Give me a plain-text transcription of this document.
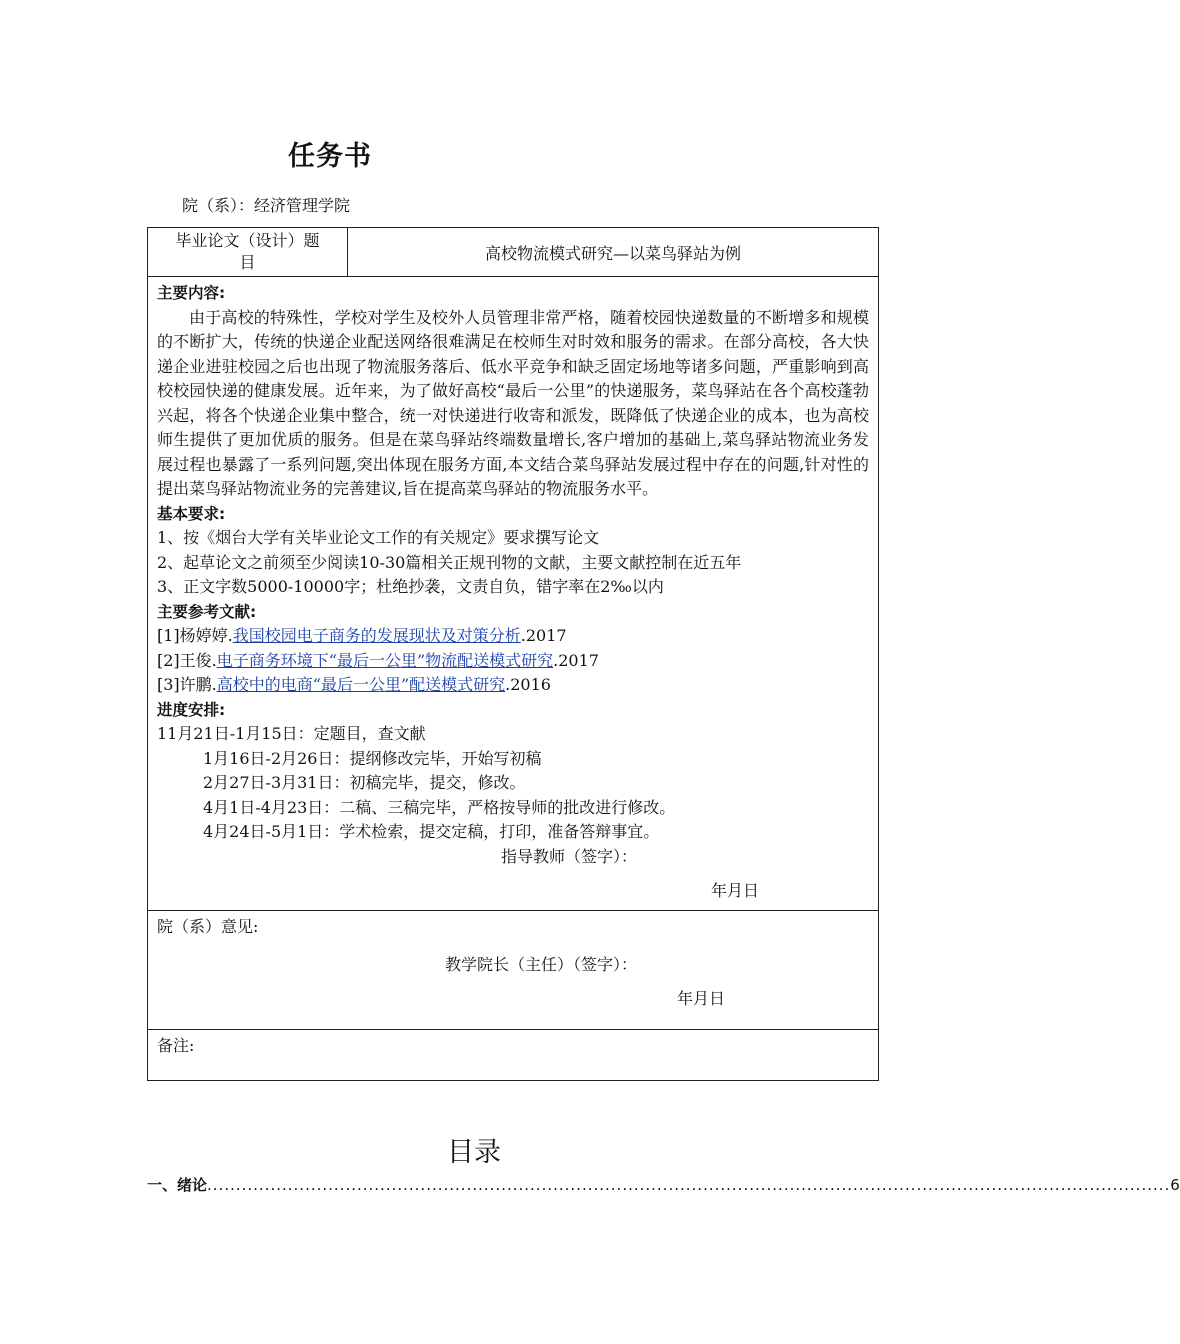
任务书
院（系）：经济管理学院
毕业论文（设计）题目	高校物流模式研究—以菜鸟驿站为例

主要内容:
由于高校的特殊性，学校对学生及校外人员管理非常严格，随着校园快递数量的不断增多和规模的不断扩大，传统的快递企业配送网络很难满足在校师生对时效和服务的需求。在部分高校，各大快递企业进驻校园之后也出现了物流服务落后、低水平竞争和缺乏固定场地等诸多问题，严重影响到高校校园快递的健康发展。近年来，为了做好高校“最后一公里”的快递服务，菜鸟驿站在各个高校蓬勃兴起，将各个快递企业集中整合，统一对快递进行收寄和派发，既降低了快递企业的成本，也为高校师生提供了更加优质的服务。但是在菜鸟驿站终端数量增长,客户增加的基础上,菜鸟驿站物流业务发展过程也暴露了一系列问题,突出体现在服务方面,本文结合菜鸟驿站发展过程中存在的问题,针对性的提出菜鸟驿站物流业务的完善建议,旨在提高菜鸟驿站的物流服务水平。
基本要求:
1、按《烟台大学有关毕业论文工作的有关规定》要求撰写论文
2、起草论文之前须至少阅读10-30篇相关正规刊物的文献，主要文献控制在近五年
3、正文字数5000-10000字；杜绝抄袭，文责自负，错字率在2‰以内
主要参考文献:
[1]杨婷婷.我国校园电子商务的发展现状及对策分析.2017
[2]王俊.电子商务环境下“最后一公里”物流配送模式研究.2017
[3]许鹏.高校中的电商“最后一公里”配送模式研究.2016
进度安排:
11月21日-1月15日：定题目，查文献
1月16日-2月26日：提纲修改完毕，开始写初稿
2月27日-3月31日：初稿完毕，提交，修改。
4月1日-4月23日：二稿、三稿完毕，严格按导师的批改进行修改。
4月24日-5月1日：学术检索，提交定稿，打印，准备答辩事宜。
指导教师（签字）：
年月日

院（系）意见:
教学院长（主任）（签字）：
年月日

备注:
目录
一、绪论 ....................................................................................................................................................................... 6
